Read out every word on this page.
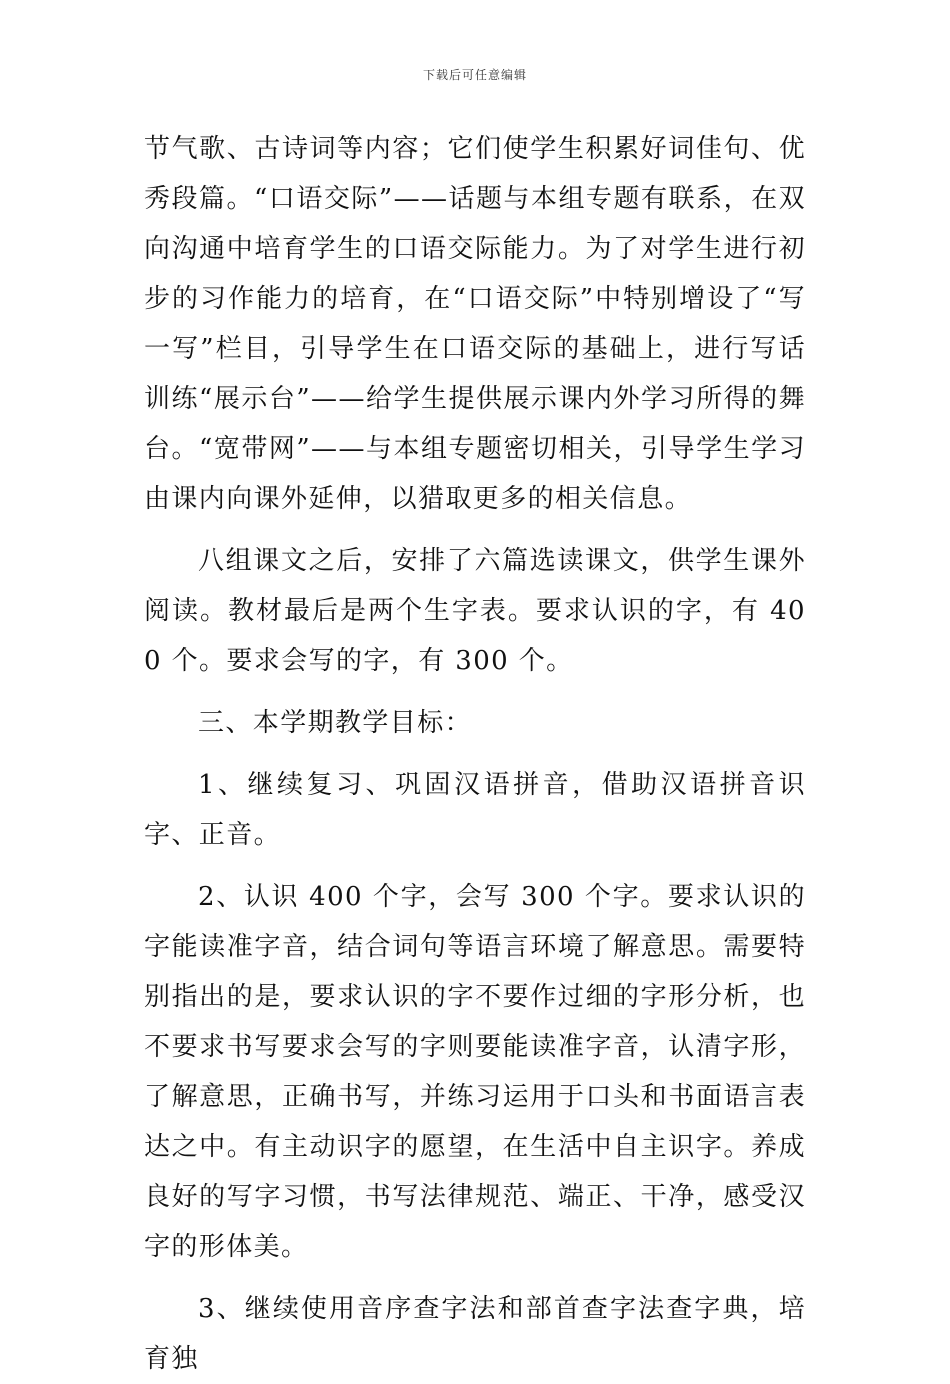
下载后可任意编辑

节气歌、古诗词等内容；它们使学生积累好词佳句、优秀段篇。“口语交际”——话题与本组专题有联系，在双向沟通中培育学生的口语交际能力。为了对学生进行初步的习作能力的培育，在“口语交际”中特别增设了“写一写”栏目，引导学生在口语交际的基础上，进行写话训练“展示台”——给学生提供展示课内外学习所得的舞台。“宽带网”——与本组专题密切相关，引导学生学习由课内向课外延伸，以猎取更多的相关信息。

八组课文之后，安排了六篇选读课文，供学生课外阅读。教材最后是两个生字表。要求认识的字，有 400 个。要求会写的字，有 300 个。

三、本学期教学目标：

1、继续复习、巩固汉语拼音，借助汉语拼音识字、正音。

2、认识 400 个字，会写 300 个字。要求认识的字能读准字音，结合词句等语言环境了解意思。需要特别指出的是，要求认识的字不要作过细的字形分析，也不要求书写要求会写的字则要能读准字音，认清字形，了解意思，正确书写，并练习运用于口头和书面语言表达之中。有主动识字的愿望，在生活中自主识字。养成良好的写字习惯，书写法律规范、端正、干净，感受汉字的形体美。

3、继续使用音序查字法和部首查字法查字典，培育独
